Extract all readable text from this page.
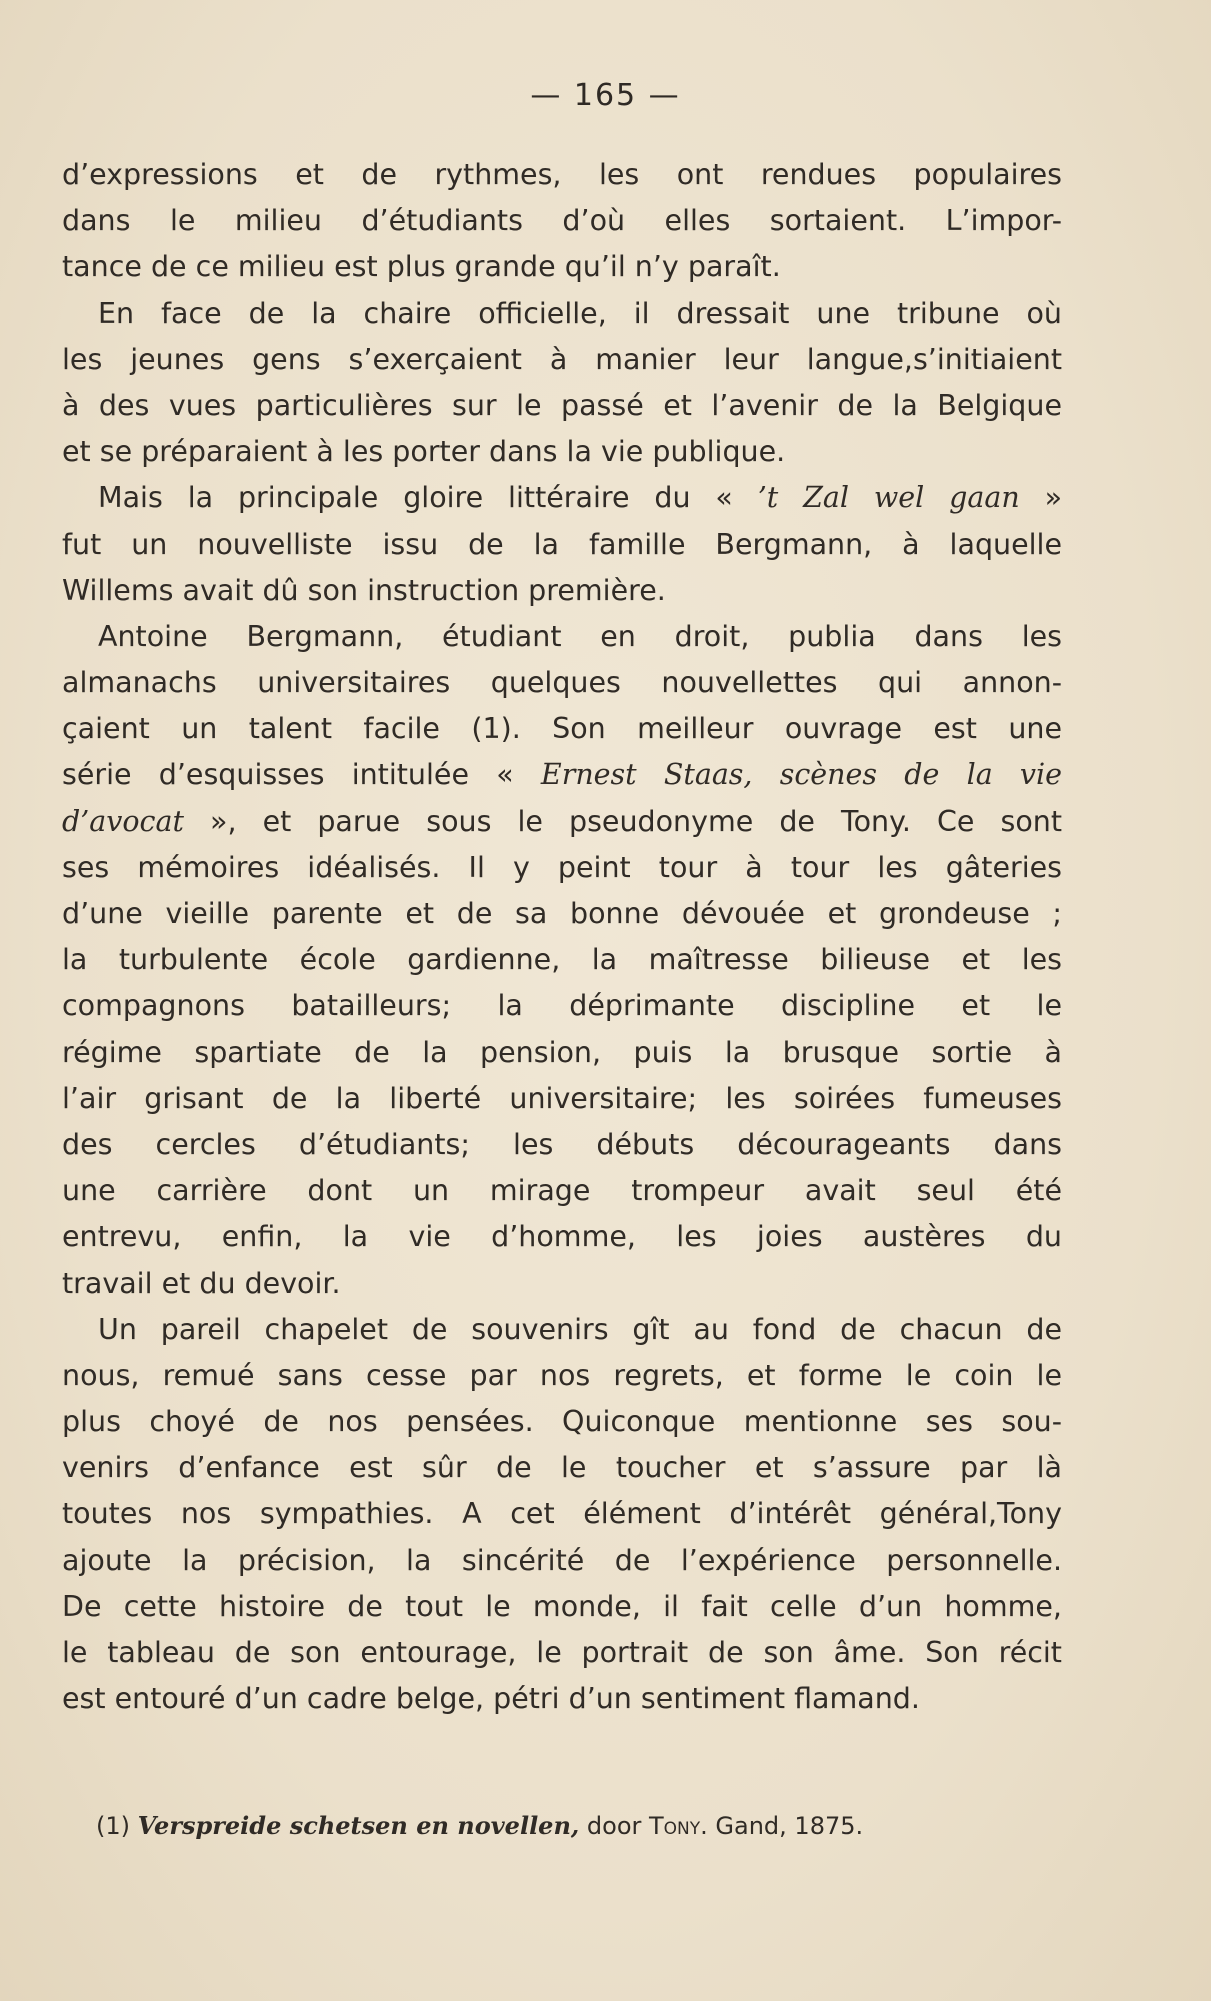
— 165 —
d’expressions et de rythmes, les ont rendues populaires
dans le milieu d’étudiants d’où elles sortaient. L’impor-
tance de ce milieu est plus grande qu’il n’y paraît.
En face de la chaire officielle, il dressait une tribune où
les jeunes gens s’exerçaient à manier leur langue,s’initiaient
à des vues particulières sur le passé et l’avenir de la Belgique
et se préparaient à les porter dans la vie publique.
Mais la principale gloire littéraire du « ’t Zal wel gaan »
fut un nouvelliste issu de la famille Bergmann, à laquelle
Willems avait dû son instruction première.
Antoine Bergmann, étudiant en droit, publia dans les
almanachs universitaires quelques nouvellettes qui annon-
çaient un talent facile (1). Son meilleur ouvrage est une
série d’esquisses intitulée « Ernest Staas, scènes de la vie
d’avocat », et parue sous le pseudonyme de Tony. Ce sont
ses mémoires idéalisés. Il y peint tour à tour les gâteries
d’une vieille parente et de sa bonne dévouée et grondeuse ;
la turbulente école gardienne, la maîtresse bilieuse et les
compagnons batailleurs; la déprimante discipline et le
régime spartiate de la pension, puis la brusque sortie à
l’air grisant de la liberté universitaire; les soirées fumeuses
des cercles d’étudiants; les débuts décourageants dans
une carrière dont un mirage trompeur avait seul été
entrevu, enfin, la vie d’homme, les joies austères du
travail et du devoir.
Un pareil chapelet de souvenirs gît au fond de chacun de
nous, remué sans cesse par nos regrets, et forme le coin le
plus choyé de nos pensées. Quiconque mentionne ses sou-
venirs d’enfance est sûr de le toucher et s’assure par là
toutes nos sympathies. A cet élément d’intérêt général,Tony
ajoute la précision, la sincérité de l’expérience personnelle.
De cette histoire de tout le monde, il fait celle d’un homme,
le tableau de son entourage, le portrait de son âme. Son récit
est entouré d’un cadre belge, pétri d’un sentiment flamand.
(1) Verspreide schetsen en novellen, door Tony. Gand, 1875.
